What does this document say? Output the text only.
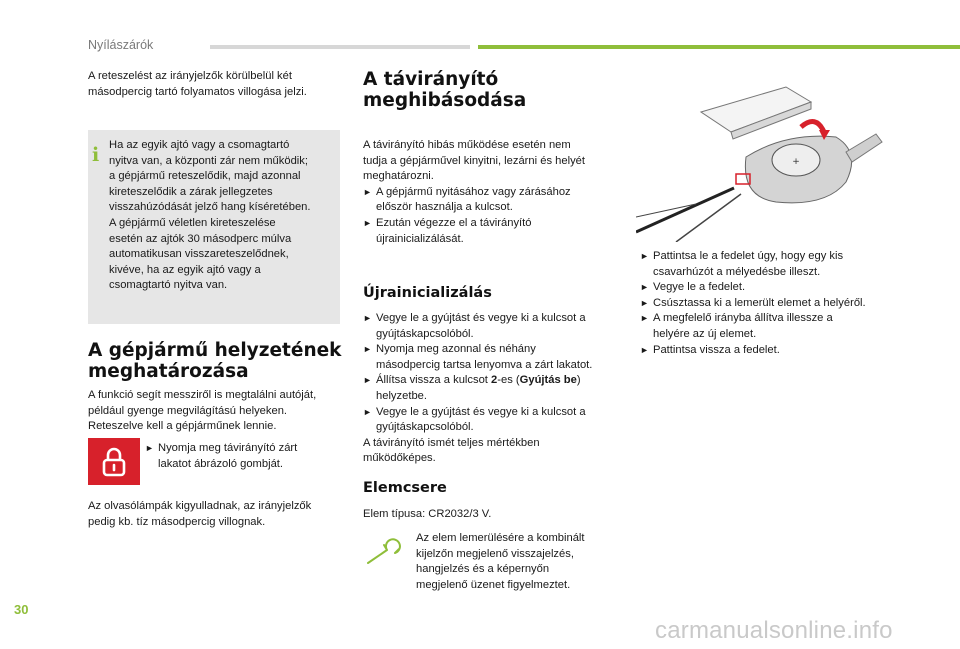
Nyílászárók
A reteszelést az irányjelzők körülbelül két
másodpercig tartó folyamatos villogása jelzi.
i Ha az egyik ajtó vagy a csomagtartó
nyitva van, a központi zár nem működik;
a gépjármű reteszelődik, majd azonnal
kireteszelődik a zárak jellegzetes
visszahúzódását jelző hang kíséretében.
A gépjármű véletlen kireteszelése
esetén az ajtók 30 másodperc múlva
automatikusan visszareteszelődnek,
kivéve, ha az egyik ajtó vagy a
csomagtartó nyitva van.
A gépjármű helyzetének
meghatározása
A funkció segít messziről is megtalálni autóját,
például gyenge megvilágítású helyeken.
Reteszelve kell a gépjárműnek lennie.
► Nyomja meg távirányító zárt
lakatot ábrázoló gombját.
Az olvasólámpák kigyulladnak, az irányjelzők
pedig kb. tíz másodpercig villognak.
A távirányító
meghibásodása
A távirányító hibás működése esetén nem
tudja a gépjárművel kinyitni, lezárni és helyét
meghatározni.
► A gépjármű nyitásához vagy zárásához
először használja a kulcsot.
► Ezután végezze el a távirányító
újrainicializálását.
Újrainicializálás
► Vegye le a gyújtást és vegye ki a kulcsot a
gyújtáskapcsolóból.
► Nyomja meg azonnal és néhány
másodpercig tartsa lenyomva a zárt lakatot.
► Állítsa vissza a kulcsot 2-es (Gyújtás be)
helyzetbe.
► Vegye le a gyújtást és vegye ki a kulcsot a
gyújtáskapcsolóból.
A távirányító ismét teljes mértékben
működőképes.
Elemcsere
Elem típusa: CR2032/3 V.
Az elem lemerülésére a kombinált
kijelzőn megjelenő visszajelzés,
hangjelzés és a képernyőn
megjelenő üzenet figyelmeztet.
+
► Pattintsa le a fedelet úgy, hogy egy kis
csavarhúzót a mélyedésbe illeszt.
► Vegye le a fedelet.
► Csúsztassa ki a lemerült elemet a helyéről.
► A megfelelő irányba állítva illessze a
helyére az új elemet.
► Pattintsa vissza a fedelet.
30
carmanualsonline.info
